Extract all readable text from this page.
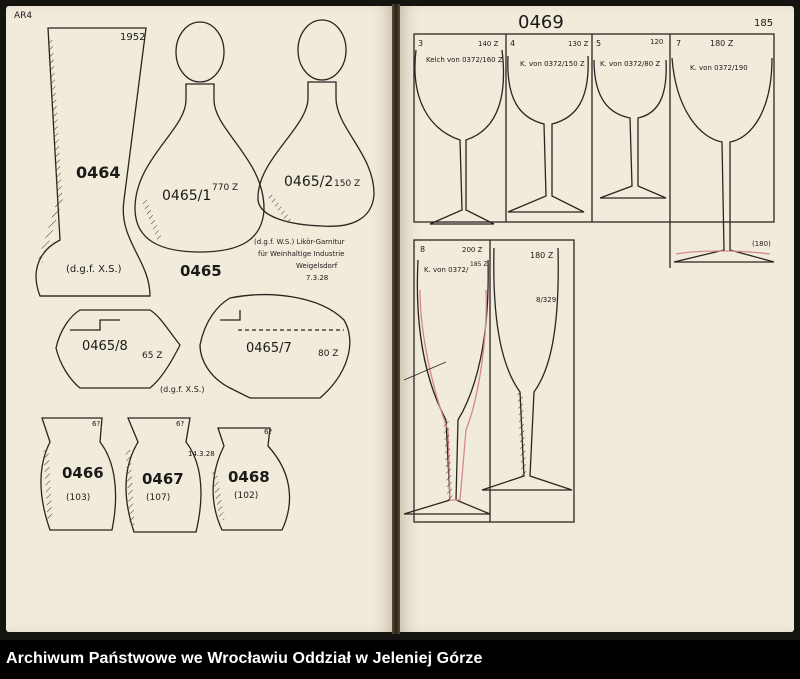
AR4
1952
0464
(d.g.f. X.S.)
0465/1 770 Z	0465/2 150 Z
0465
(d.g.f. W.S.) Likör-Garnitur
für Weinhaltige Industrie
Weigelsdorf
7.3.28
0465/8
65 Z	0465/7	80 Z
(d.g.f. X.S.)
6?
0466
(103)
6?
14.3.28
0467
(107)
6?
0468
(102)
0469	185
3	140 Z
Kelch von 0372/160 Z
4	130 Z
K. von 0372/150 Z
5	120
K. von 0372/80 Z
7	180 Z
K. von 0372/190
(180)
8	200 Z
K. von 0372/
185 Z
180 Z
8/329
Archiwum Państwowe we Wrocławiu Oddział w Jeleniej Górze
